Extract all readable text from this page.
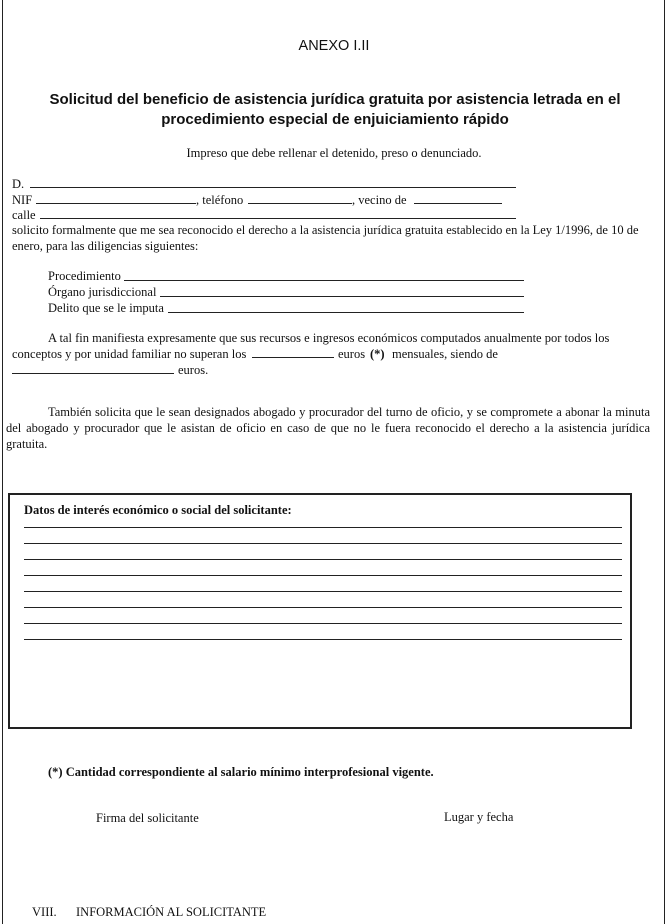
ANEXO I.II
Solicitud del beneficio de asistencia jurídica gratuita por asistencia letrada en el procedimiento especial de enjuiciamiento rápido
Impreso que debe rellenar el detenido, preso o denunciado.
D.
NIF	, teléfono	, vecino de
calle
solicito formalmente que me sea reconocido el derecho a la asistencia jurídica gratuita establecido en la Ley 1/1996, de 10 de enero, para las diligencias siguientes:
Procedimiento
Órgano jurisdiccional
Delito que se le imputa
A tal fin manifiesta expresamente que sus recursos e ingresos económicos computados anualmente por todos los
conceptos y por unidad familiar no superan los	euros (*) mensuales, siendo de
euros.
También solicita que le sean designados abogado y procurador del turno de oficio, y se compromete a abonar la minuta del abogado y procurador que le asistan de oficio en caso de que no le fuera reconocido el derecho a la asistencia jurídica gratuita.
Datos de interés económico o social del solicitante:
(*) Cantidad correspondiente al salario mínimo interprofesional vigente.
Firma del solicitante	Lugar y fecha
VIII. INFORMACIÓN AL SOLICITANTE
